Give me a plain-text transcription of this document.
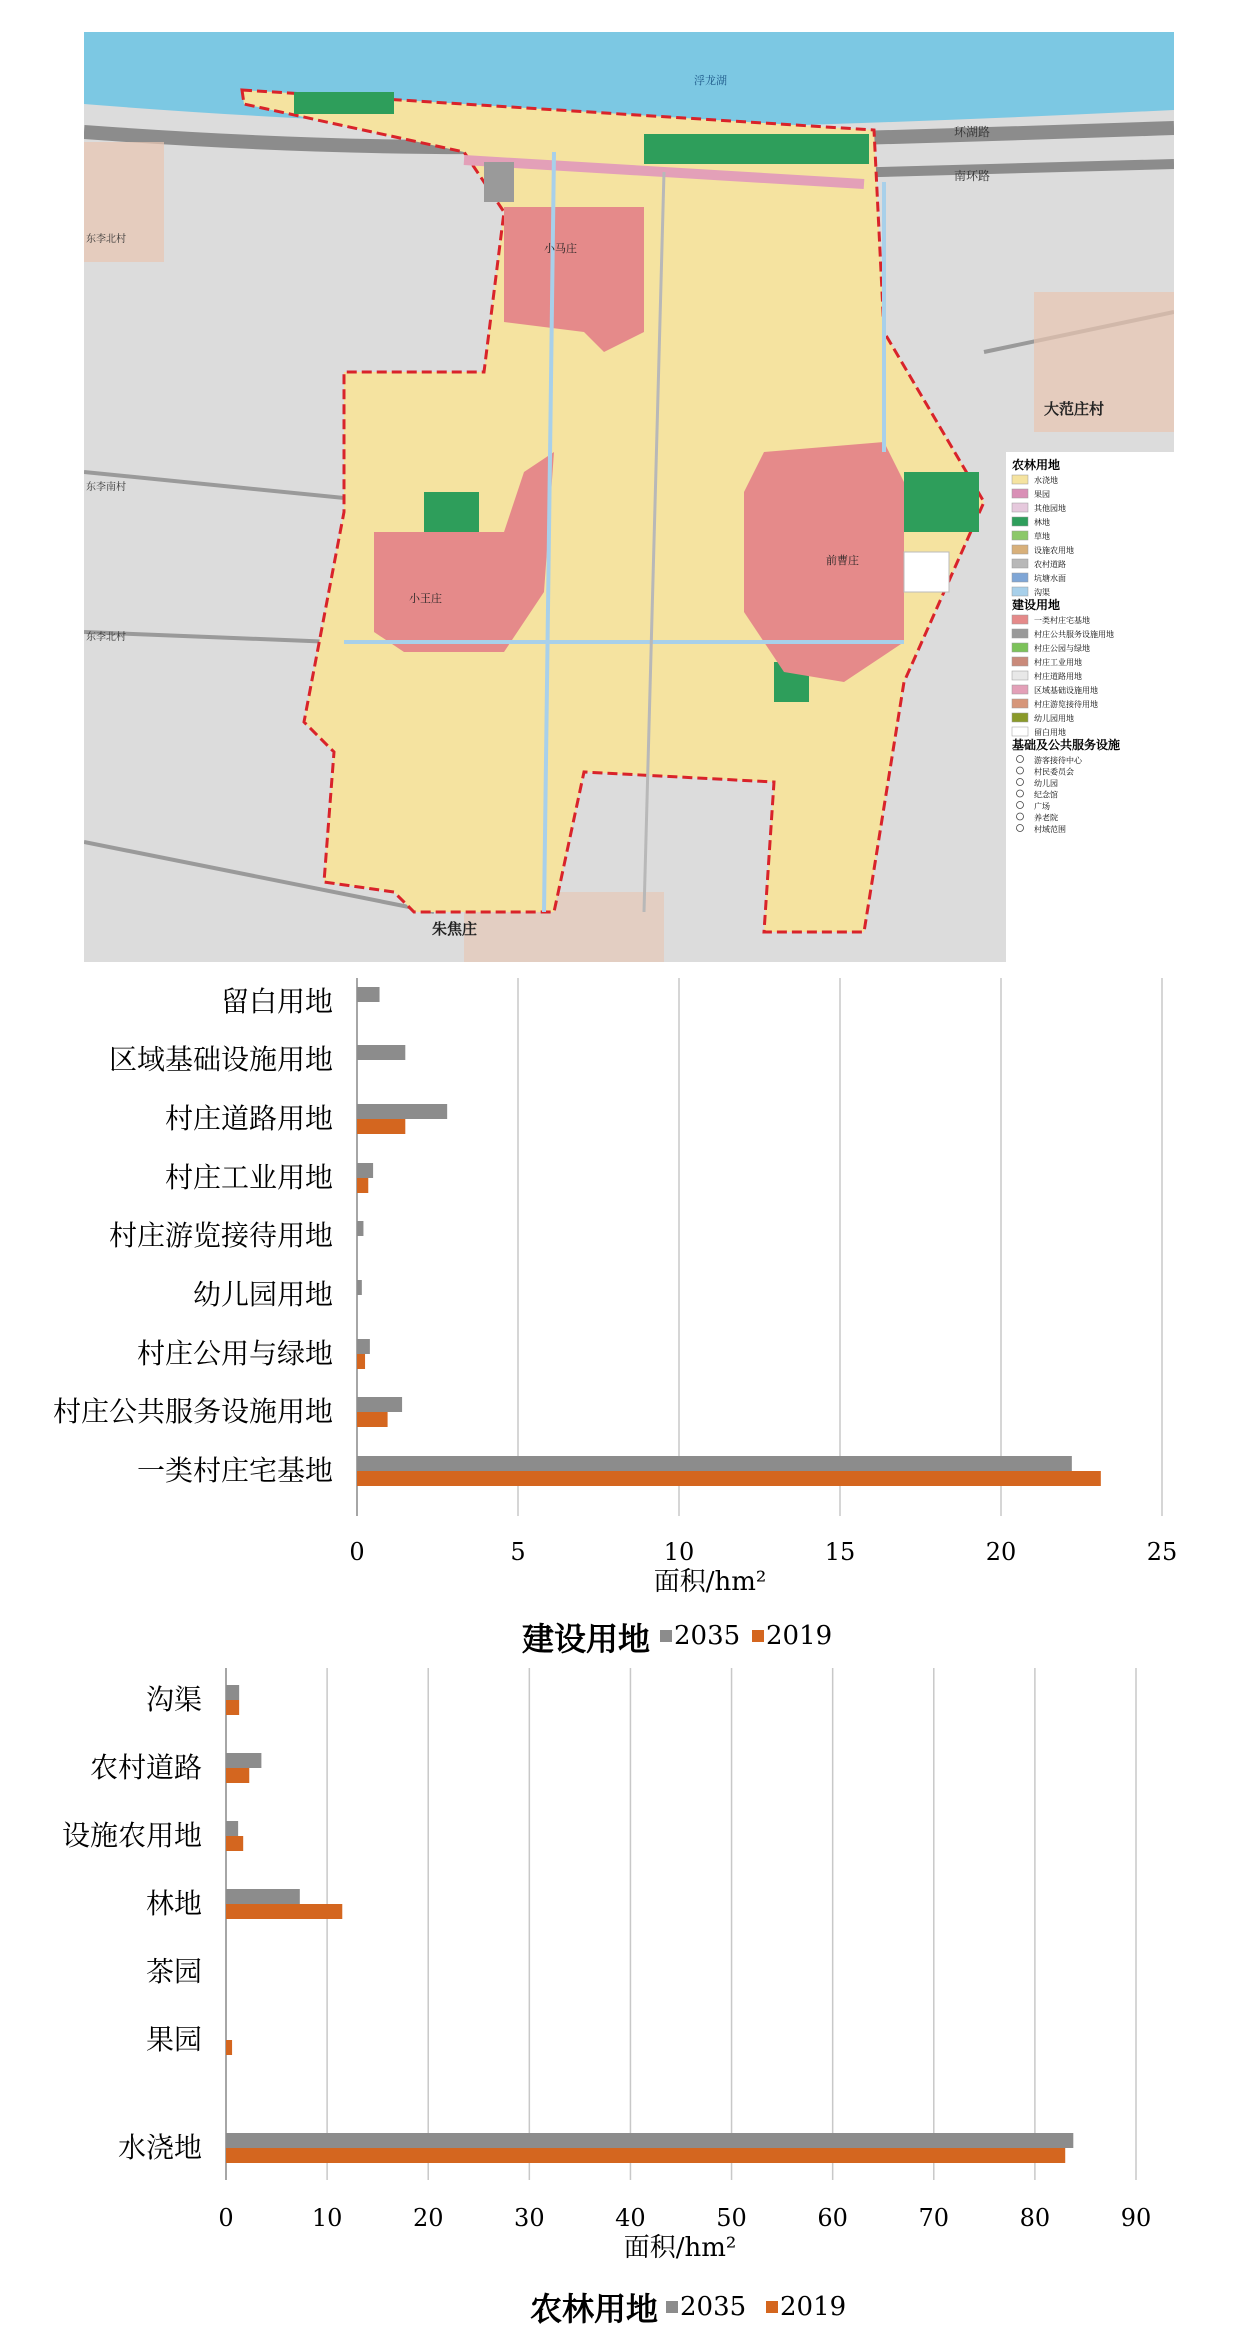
浮龙湖
环湖路
南环路
小马庄
小王庄
前曹庄
大范庄村
朱焦庄
东李北村
东李南村
东李北村
农林用地
水浇地
果园
其他园地
林地
草地
设施农用地
农村道路
坑塘水面
沟渠
建设用地
一类村庄宅基地
村庄公共服务设施用地
村庄公园与绿地
村庄工业用地
村庄道路用地
区域基础设施用地
村庄游览接待用地
幼儿园用地
留白用地
基础及公共服务设施
游客接待中心
村民委员会
幼儿园
纪念馆
广场
养老院
村域范围
留白用地
区域基础设施用地
村庄道路用地
村庄工业用地
村庄游览接待用地
幼儿园用地
村庄公用与绿地
村庄公共服务设施用地
一类村庄宅基地
0	5	10	15	20	25
面积/hm²
建设用地 2035 2019
沟渠
农村道路
设施农用地
林地
茶园
果园
水浇地
0	10	20	30	40	50	60	70	80	90
面积/hm²
农林用地 2035 2019
